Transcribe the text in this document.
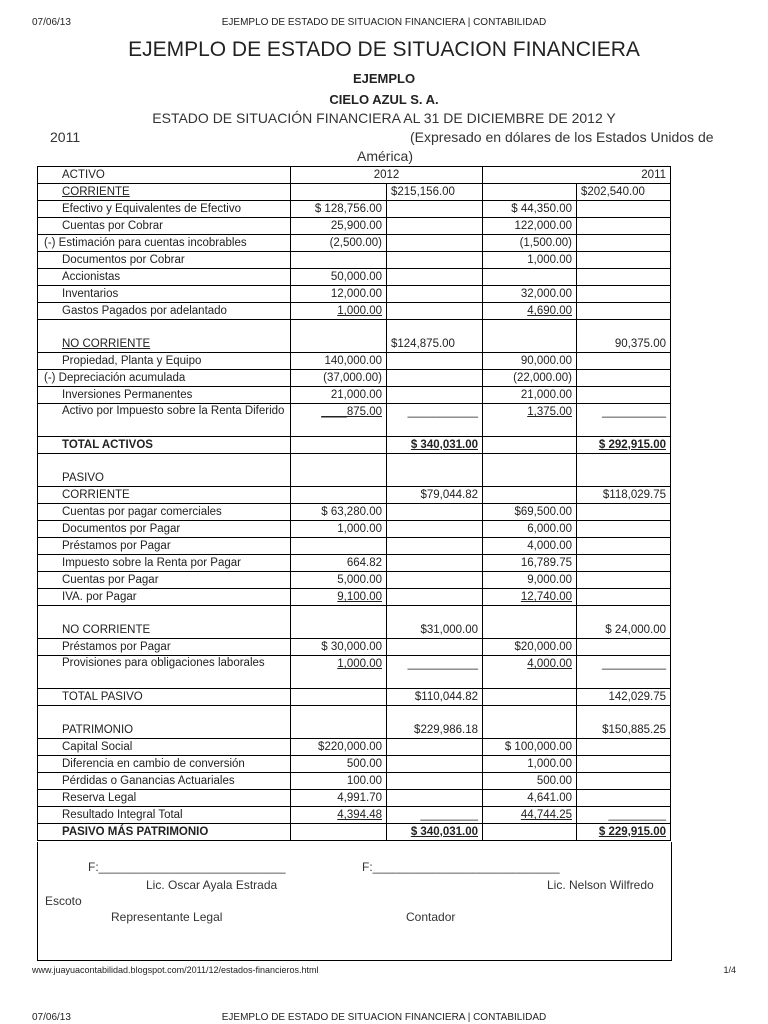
07/06/13	EJEMPLO DE ESTADO DE SITUACION FINANCIERA | CONTABILIDAD
EJEMPLO DE ESTADO DE SITUACION FINANCIERA
EJEMPLO
CIELO AZUL S. A.
ESTADO DE SITUACIÓN FINANCIERA AL 31 DE DICIEMBRE DE 2012 Y
2011	(Expresado en dólares de los Estados Unidos de
América)
ACTIVO	2012		2011	
CORRIENTE		$215,156.00		$202,540.00
Efectivo y Equivalentes de Efectivo	$ 128,756.00		$ 44,350.00	
Cuentas por Cobrar	25,900.00		122,000.00	
(-) Estimación para cuentas incobrables	(2,500.00)		(1,500.00)	
Documentos por Cobrar			1,000.00	
Accionistas	50,000.00			
Inventarios	12,000.00		32,000.00	
Gastos Pagados por adelantado	1,000.00		4,690.00	
NO CORRIENTE		$124,875.00		90,375.00
Propiedad, Planta y Equipo	140,000.00		90,000.00	
(-) Depreciación acumulada	(37,000.00)		(22,000.00)	
Inversiones Permanentes	21,000.00		21,000.00	
Activo por Impuesto sobre la Renta Diferido	____875.00	___________	1,375.00	__________
TOTAL ACTIVOS		$ 340,031.00		$ 292,915.00
PASIVO				
CORRIENTE		$79,044.82		$118,029.75
Cuentas por pagar comerciales	$ 63,280.00		$69,500.00	
Documentos por Pagar	1,000.00		6,000.00	
Préstamos por Pagar			4,000.00	
Impuesto sobre la Renta por Pagar	664.82		16,789.75	
Cuentas por Pagar	5,000.00		9,000.00	
IVA. por Pagar	9,100.00		12,740.00	
NO CORRIENTE		$31,000.00		$ 24,000.00
Préstamos por Pagar	$ 30,000.00		$20,000.00	
Provisiones para obligaciones laborales	1,000.00	___________	4,000.00	__________
TOTAL PASIVO		$110,044.82		142,029.75
PATRIMONIO		$229,986.18		$150,885.25
Capital Social	$220,000.00		$ 100,000.00	
Diferencia en cambio de conversión	500.00		1,000.00	
Pérdidas o Ganancias Actuariales	100.00		500.00	
Reserva Legal	4,991.70		4,641.00	
Resultado Integral Total	4,394.48	_________	44,744.25	_________
PASIVO MÁS PATRIMONIO		$ 340,031.00		$ 229,915.00
F:____________________________	F:____________________________
Lic. Oscar Ayala Estrada	Lic. Nelson Wilfredo
Escoto
Representante Legal	Contador
www.juayuacontabilidad.blogspot.com/2011/12/estados-financieros.html	1/4
07/06/13	EJEMPLO DE ESTADO DE SITUACION FINANCIERA | CONTABILIDAD
